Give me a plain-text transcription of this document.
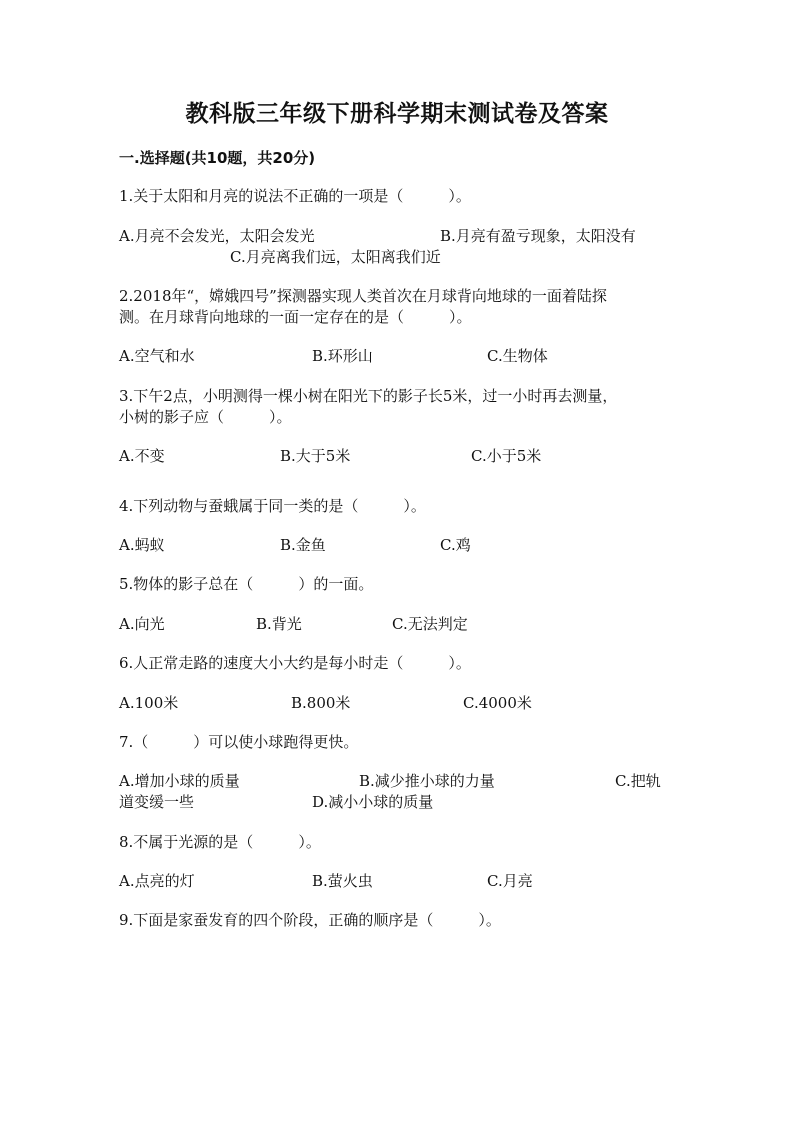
教科版三年级下册科学期末测试卷及答案
一.选择题(共10题，共20分)
1.关于太阳和月亮的说法不正确的一项是（　　　）。
A.月亮不会发光，太阳会发光	B.月亮有盈亏现象，太阳没有
C.月亮离我们远，太阳离我们近
2.2018年“，嫦娥四号”探测器实现人类首次在月球背向地球的一面着陆探
测。在月球背向地球的一面一定存在的是（　　　）。
A.空气和水	B.环形山	C.生物体
3.下午2点，小明测得一棵小树在阳光下的影子长5米，过一小时再去测量，
小树的影子应（　　　）。
A.不变	B.大于5米	C.小于5米
4.下列动物与蚕蛾属于同一类的是（　　　）。
A.蚂蚁	B.金鱼	C.鸡
5.物体的影子总在（　　　）的一面。
A.向光	B.背光	C.无法判定
6.人正常走路的速度大小大约是每小时走（　　　）。
A.100米	B.800米	C.4000米
7.（　　　）可以使小球跑得更快。
A.增加小球的质量	B.减少推小球的力量	C.把轨
道变缓一些	D.减小小球的质量
8.不属于光源的是（　　　）。
A.点亮的灯	B.萤火虫	C.月亮
9.下面是家蚕发育的四个阶段，正确的顺序是（　　　）。
